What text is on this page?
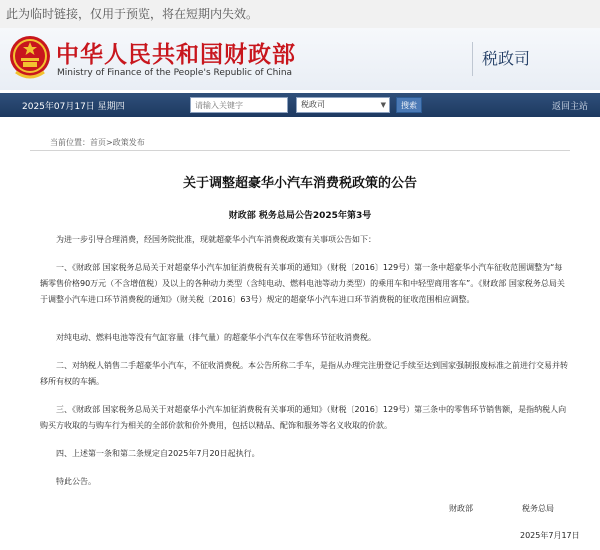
此为临时链接，仅用于预览，将在短期内失效。
中华人民共和国财政部
Ministry of Finance of the People's Republic of China
税政司
2025年07月17日 星期四
请输入关键字	税政司	▼	搜索	返回主站
当前位置：首页>政策发布
关于调整超豪华小汽车消费税政策的公告
财政部 税务总局公告2025年第3号

为进一步引导合理消费，经国务院批准，现就超豪华小汽车消费税政策有关事项公告如下：

一、《财政部 国家税务总局关于对超豪华小汽车加征消费税有关事项的通知》（财税〔2016〕129号）第一条中超豪华小汽车征收范围调整为“每辆零售价格90万元（不含增值税）及以上的各种动力类型（含纯电动、燃料电池等动力类型）的乘用车和中轻型商用客车”。《财政部 国家税务总局关于调整小汽车进口环节消费税的通知》（财关税〔2016〕63号）规定的超豪华小汽车进口环节消费税的征收范围相应调整。

对纯电动、燃料电池等没有气缸容量（排气量）的超豪华小汽车仅在零售环节征收消费税。

二、对纳税人销售二手超豪华小汽车，不征收消费税。本公告所称二手车，是指从办理完注册登记手续至达到国家强制报废标准之前进行交易并转移所有权的车辆。

三、《财政部 国家税务总局关于对超豪华小汽车加征消费税有关事项的通知》（财税〔2016〕129号）第三条中的零售环节销售额，是指纳税人向购买方收取的与购车行为相关的全部价款和价外费用，包括以精品、配饰和服务等名义收取的价款。

四、上述第一条和第二条规定自2025年7月20日起执行。

特此公告。

财政部	税务总局
2025年7月17日
